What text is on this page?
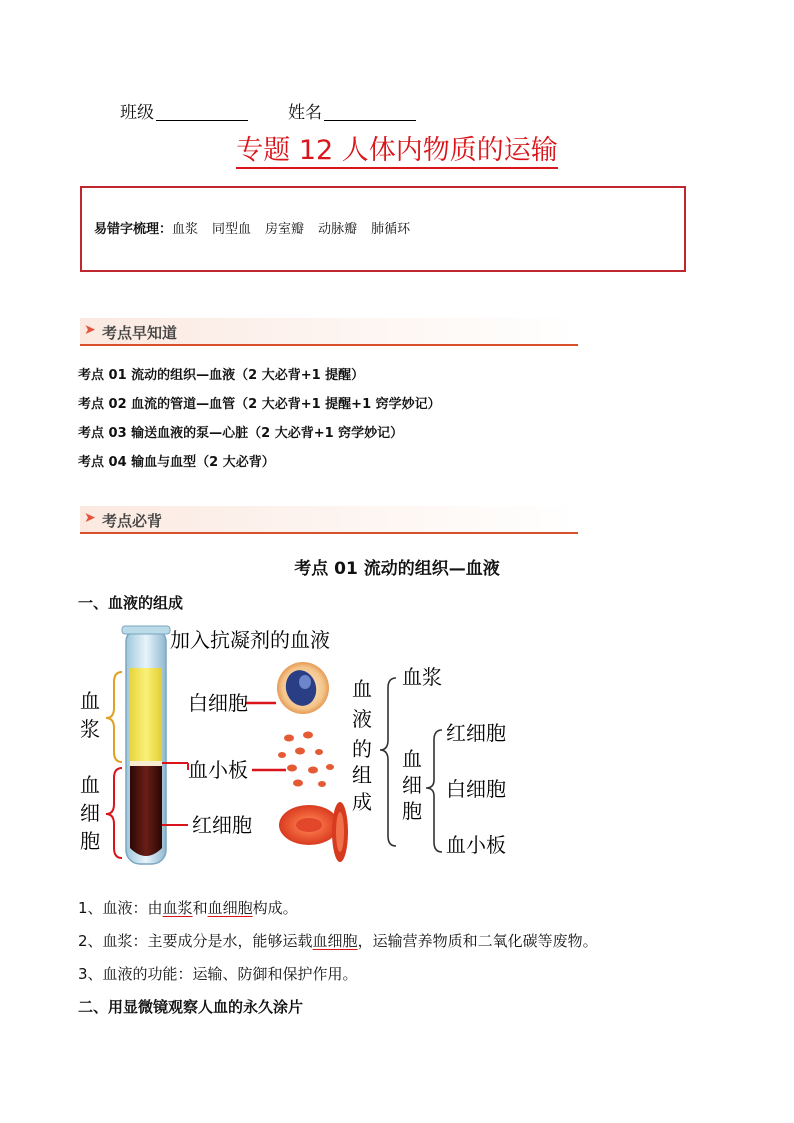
班级	姓名
专题 12 人体内物质的运输
易错字梳理：血浆 同型血 房室瓣 动脉瓣 肺循环
➤ 考点早知道
考点 01 流动的组织—血液（2 大必背+1 提醒）
考点 02 血流的管道—血管（2 大必背+1 提醒+1 窍学妙记）
考点 03 输送血液的泵—心脏（2 大必背+1 窍学妙记）
考点 04 输血与血型（2 大必背）
➤ 考点必背
考点 01 流动的组织—血液
一、血液的组成
血
浆
血
细
胞
加入抗凝剂的血液
白细胞
血小板
红细胞
血
液
的
组
成
血浆
血
细
胞
红细胞
白细胞
血小板
1、血液：由血浆和血细胞构成。
2、血浆：主要成分是水，能够运载血细胞，运输营养物质和二氧化碳等废物。
3、血液的功能：运输、防御和保护作用。
二、用显微镜观察人血的永久涂片
